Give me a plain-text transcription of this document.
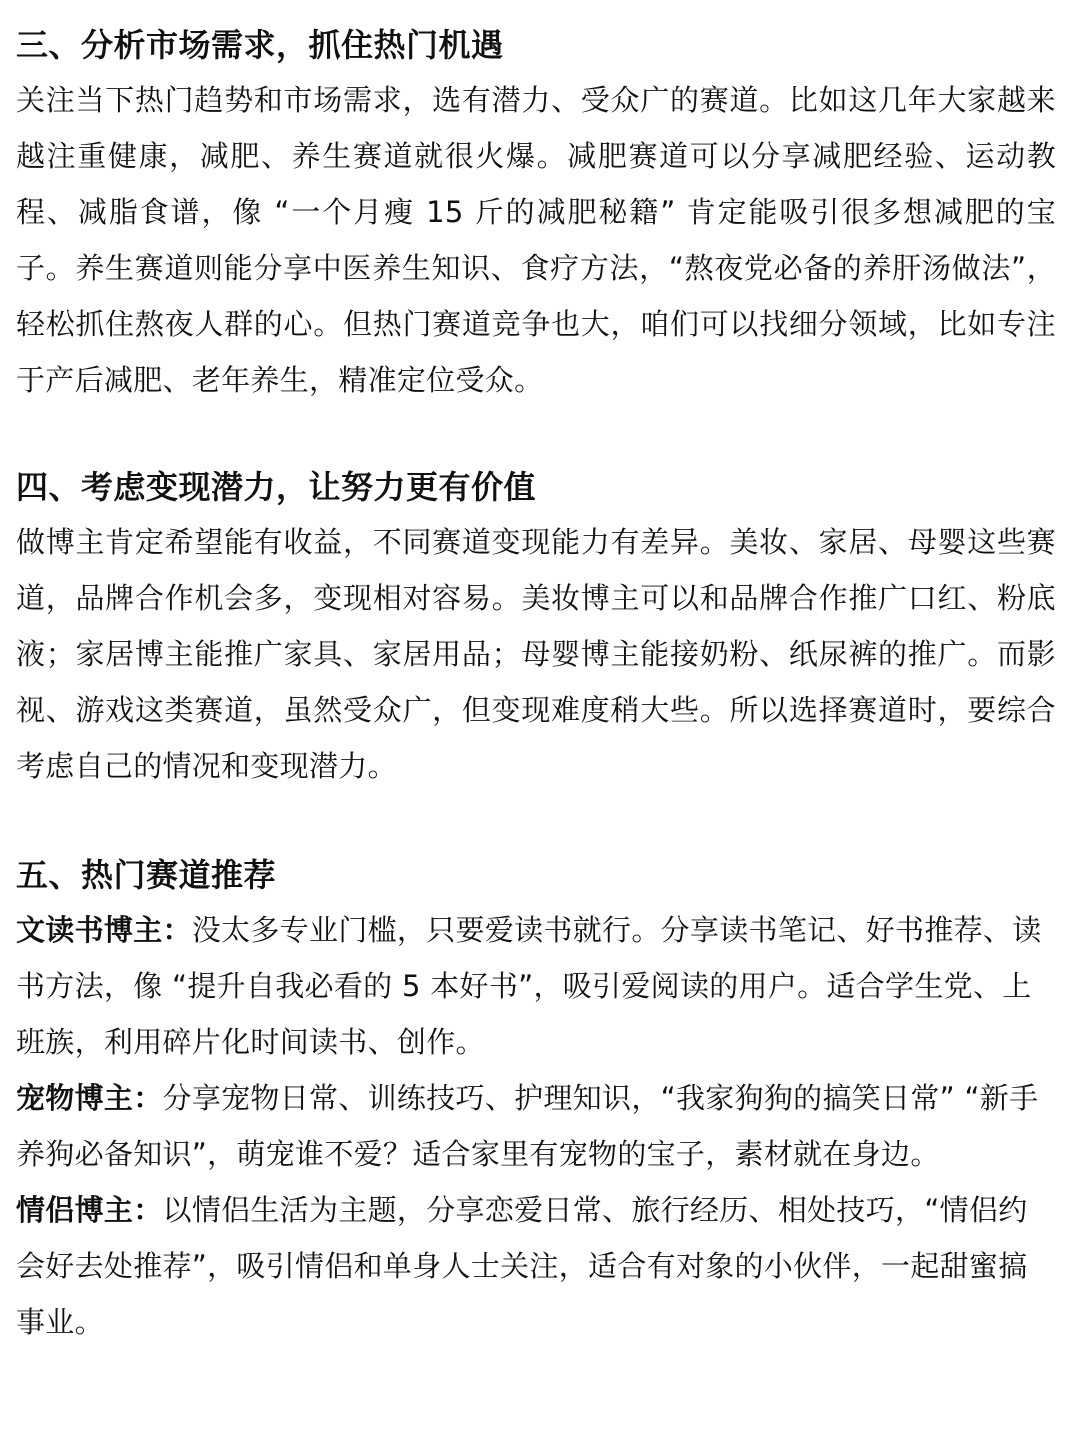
三、分析市场需求，抓住热门机遇

关注当下热门趋势和市场需求，选有潜力、受众广的赛道。比如这几年大家越来越注重健康，减肥、养生赛道就很火爆。减肥赛道可以分享减肥经验、运动教程、减脂食谱，像 “一个月瘦 15 斤的减肥秘籍” 肯定能吸引很多想减肥的宝子。养生赛道则能分享中医养生知识、食疗方法，“熬夜党必备的养肝汤做法”，轻松抓住熬夜人群的心。但热门赛道竞争也大，咱们可以找细分领域，比如专注于产后减肥、老年养生，精准定位受众。

四、考虑变现潜力，让努力更有价值

做博主肯定希望能有收益，不同赛道变现能力有差异。美妆、家居、母婴这些赛道，品牌合作机会多，变现相对容易。美妆博主可以和品牌合作推广口红、粉底液；家居博主能推广家具、家居用品；母婴博主能接奶粉、纸尿裤的推广。而影视、游戏这类赛道，虽然受众广，但变现难度稍大些。所以选择赛道时，要综合考虑自己的情况和变现潜力。

五、热门赛道推荐

文读书博主：没太多专业门槛，只要爱读书就行。分享读书笔记、好书推荐、读书方法，像 “提升自我必看的 5 本好书”，吸引爱阅读的用户。适合学生党、上班族，利用碎片化时间读书、创作。

宠物博主：分享宠物日常、训练技巧、护理知识，“我家狗狗的搞笑日常” “新手养狗必备知识”，萌宠谁不爱？适合家里有宠物的宝子，素材就在身边。

情侣博主：以情侣生活为主题，分享恋爱日常、旅行经历、相处技巧，“情侣约会好去处推荐”，吸引情侣和单身人士关注，适合有对象的小伙伴，一起甜蜜搞事业。
